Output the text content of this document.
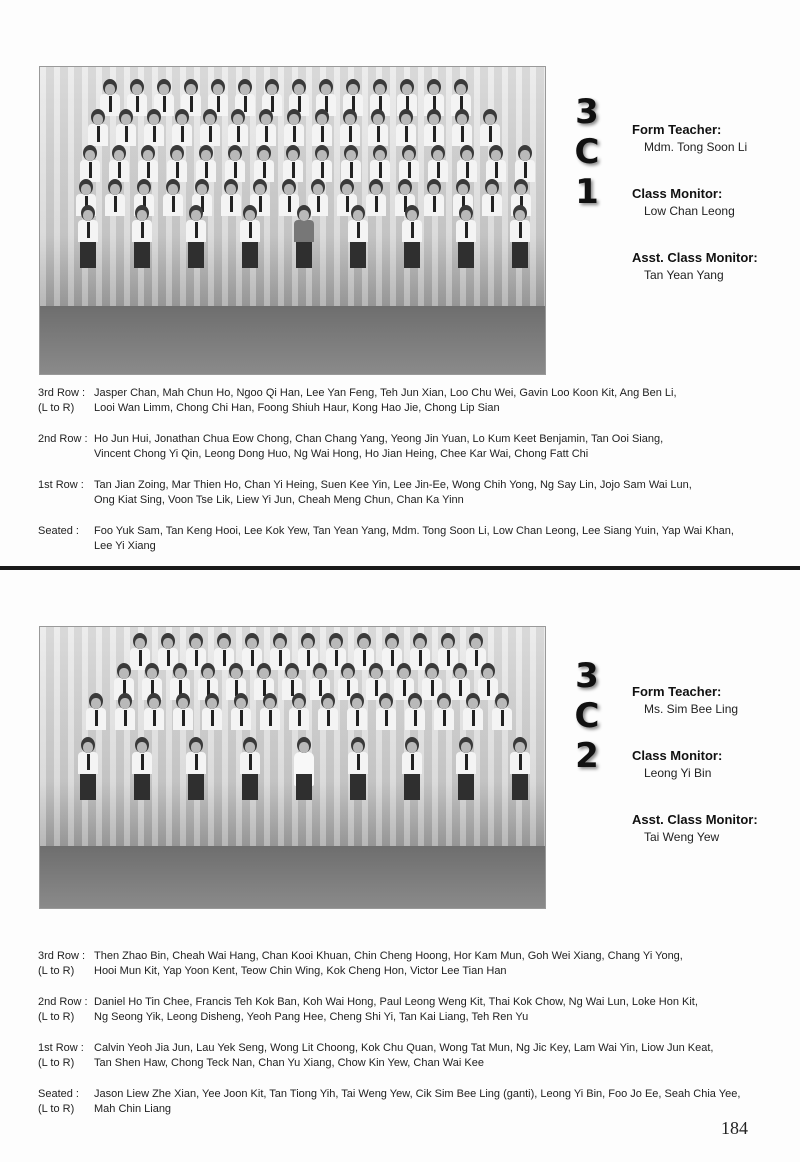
3
C
1
Form Teacher:
Mdm. Tong Soon Li
Class Monitor:
Low Chan Leong
Asst. Class Monitor:
Tan Yean Yang
3rd Row :
(L to R)
Jasper Chan, Mah Chun Ho, Ngoo Qi Han, Lee Yan Feng, Teh Jun Xian, Loo Chu Wei, Gavin Loo Koon Kit, Ang Ben Li,
Looi Wan Limm, Chong Chi Han, Foong Shiuh Haur, Kong Hao Jie, Chong Lip Sian
2nd Row : Ho Jun Hui, Jonathan Chua Eow Chong, Chan Chang Yang, Yeong Jin Yuan, Lo Kum Keet Benjamin, Tan Ooi Siang,
Vincent Chong Yi Qin, Leong Dong Huo, Ng Wai Hong, Ho Jian Heing, Chee Kar Wai, Chong Fatt Chi
1st Row : Tan Jian Zoing, Mar Thien Ho, Chan Yi Heing, Suen Kee Yin, Lee Jin-Ee, Wong Chih Yong, Ng Say Lin, Jojo Sam Wai Lun,
Ong Kiat Sing, Voon Tse Lik, Liew Yi Jun, Cheah Meng Chun, Chan Ka Yinn
Seated :	Foo Yuk Sam, Tan Keng Hooi, Lee Kok Yew, Tan Yean Yang, Mdm. Tong Soon Li, Low Chan Leong, Lee Siang Yuin, Yap Wai Khan,
Lee Yi Xiang
3
C
2
Form Teacher:
Ms. Sim Bee Ling
Class Monitor:
Leong Yi Bin
Asst. Class Monitor:
Tai Weng Yew
3rd Row :
(L to R)
Then Zhao Bin, Cheah Wai Hang, Chan Kooi Khuan, Chin Cheng Hoong, Hor Kam Mun, Goh Wei Xiang, Chang Yi Yong,
Hooi Mun Kit, Yap Yoon Kent, Teow Chin Wing, Kok Cheng Hon, Victor Lee Tian Han
2nd Row :
(L to R)
Daniel Ho Tin Chee, Francis Teh Kok Ban, Koh Wai Hong, Paul Leong Weng Kit, Thai Kok Chow, Ng Wai Lun, Loke Hon Kit,
Ng Seong Yik, Leong Disheng, Yeoh Pang Hee, Cheng Shi Yi, Tan Kai Liang, Teh Ren Yu
1st Row :
(L to R)
Calvin Yeoh Jia Jun, Lau Yek Seng, Wong Lit Choong, Kok Chu Quan, Wong Tat Mun, Ng Jic Key, Lam Wai Yin, Liow Jun Keat,
Tan Shen Haw, Chong Teck Nan, Chan Yu Xiang, Chow Kin Yew, Chan Wai Kee
Seated :
(L to R)
Jason Liew Zhe Xian, Yee Joon Kit, Tan Tiong Yih, Tai Weng Yew, Cik Sim Bee Ling (ganti), Leong Yi Bin, Foo Jo Ee, Seah Chia Yee,
Mah Chin Liang
184
